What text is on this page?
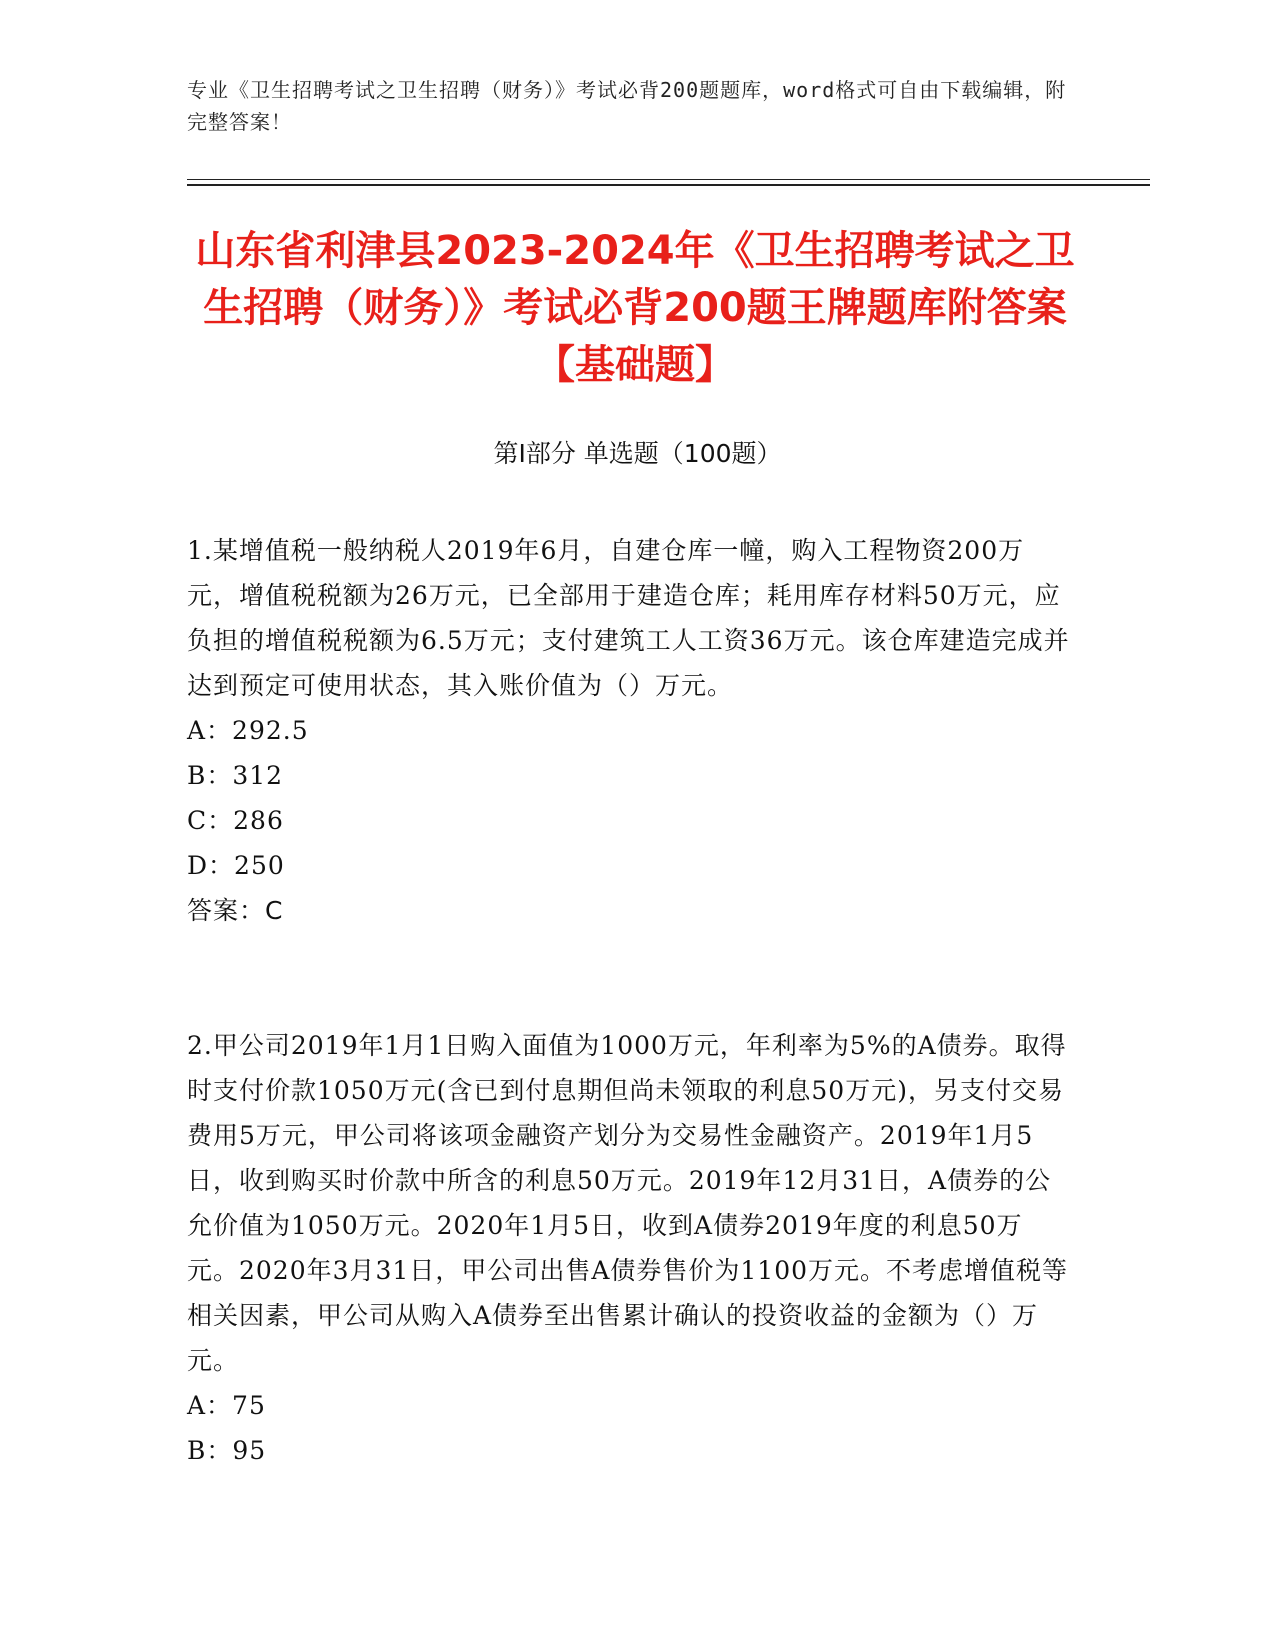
专业《卫生招聘考试之卫生招聘（财务）》考试必背200题题库，word格式可自由下载编辑，附完整答案！
山东省利津县2023-2024年《卫生招聘考试之卫生招聘（财务）》考试必背200题王牌题库附答案【基础题】
第I部分 单选题（100题）

1.某增值税一般纳税人2019年6月，自建仓库一幢，购入工程物资200万元，增值税税额为26万元，已全部用于建造仓库；耗用库存材料50万元，应负担的增值税税额为6.5万元；支付建筑工人工资36万元。该仓库建造完成并达到预定可使用状态，其入账价值为（）万元。

A：292.5

B：312

C：286

D：250

答案：C

2.甲公司2019年1月1日购入面值为1000万元，年利率为5%的A债券。取得时支付价款1050万元(含已到付息期但尚未领取的利息50万元)，另支付交易费用5万元，甲公司将该项金融资产划分为交易性金融资产。2019年1月5日，收到购买时价款中所含的利息50万元。2019年12月31日，A债券的公允价值为1050万元。2020年1月5日，收到A债券2019年度的利息50万元。2020年3月31日，甲公司出售A债券售价为1100万元。不考虑增值税等相关因素，甲公司从购入A债券至出售累计确认的投资收益的金额为（）万元。

A：75

B：95
